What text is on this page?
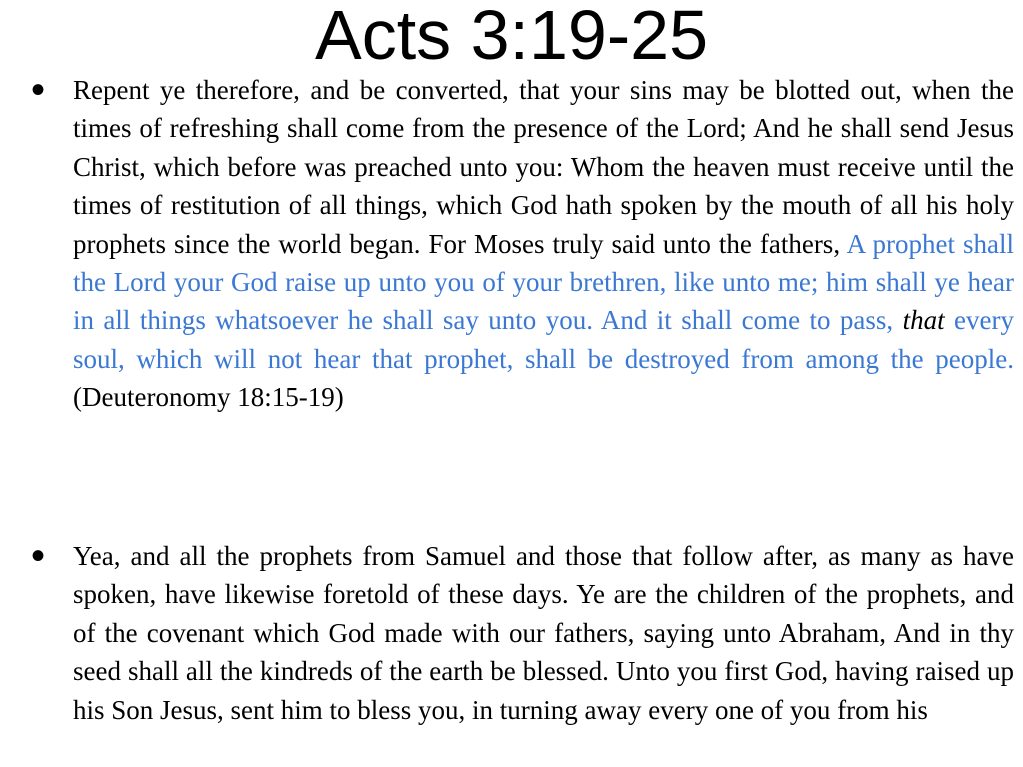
Acts 3:19-25
• Repent ye therefore, and be converted, that your sins may be blotted out, when the times of refreshing shall come from the presence of the Lord; And he shall send Jesus Christ, which before was preached unto you: Whom the heaven must receive until the times of restitution of all things, which God hath spoken by the mouth of all his holy prophets since the world began. For Moses truly said unto the fathers, A prophet shall the Lord your God raise up unto you of your brethren, like unto me; him shall ye hear in all things whatsoever he shall say unto you. And it shall come to pass, that every soul, which will not hear that prophet, shall be destroyed from among the people.(Deuteronomy 18:15-19)

• Yea, and all the prophets from Samuel and those that follow after, as many as have spoken, have likewise foretold of these days. Ye are the children of the prophets, and of the covenant which God made with our fathers, saying unto Abraham, And in thy seed shall all the kindreds of the earth be blessed. Unto you first God, having raised up his Son Jesus, sent him to bless you, in turning away every one of you from his
